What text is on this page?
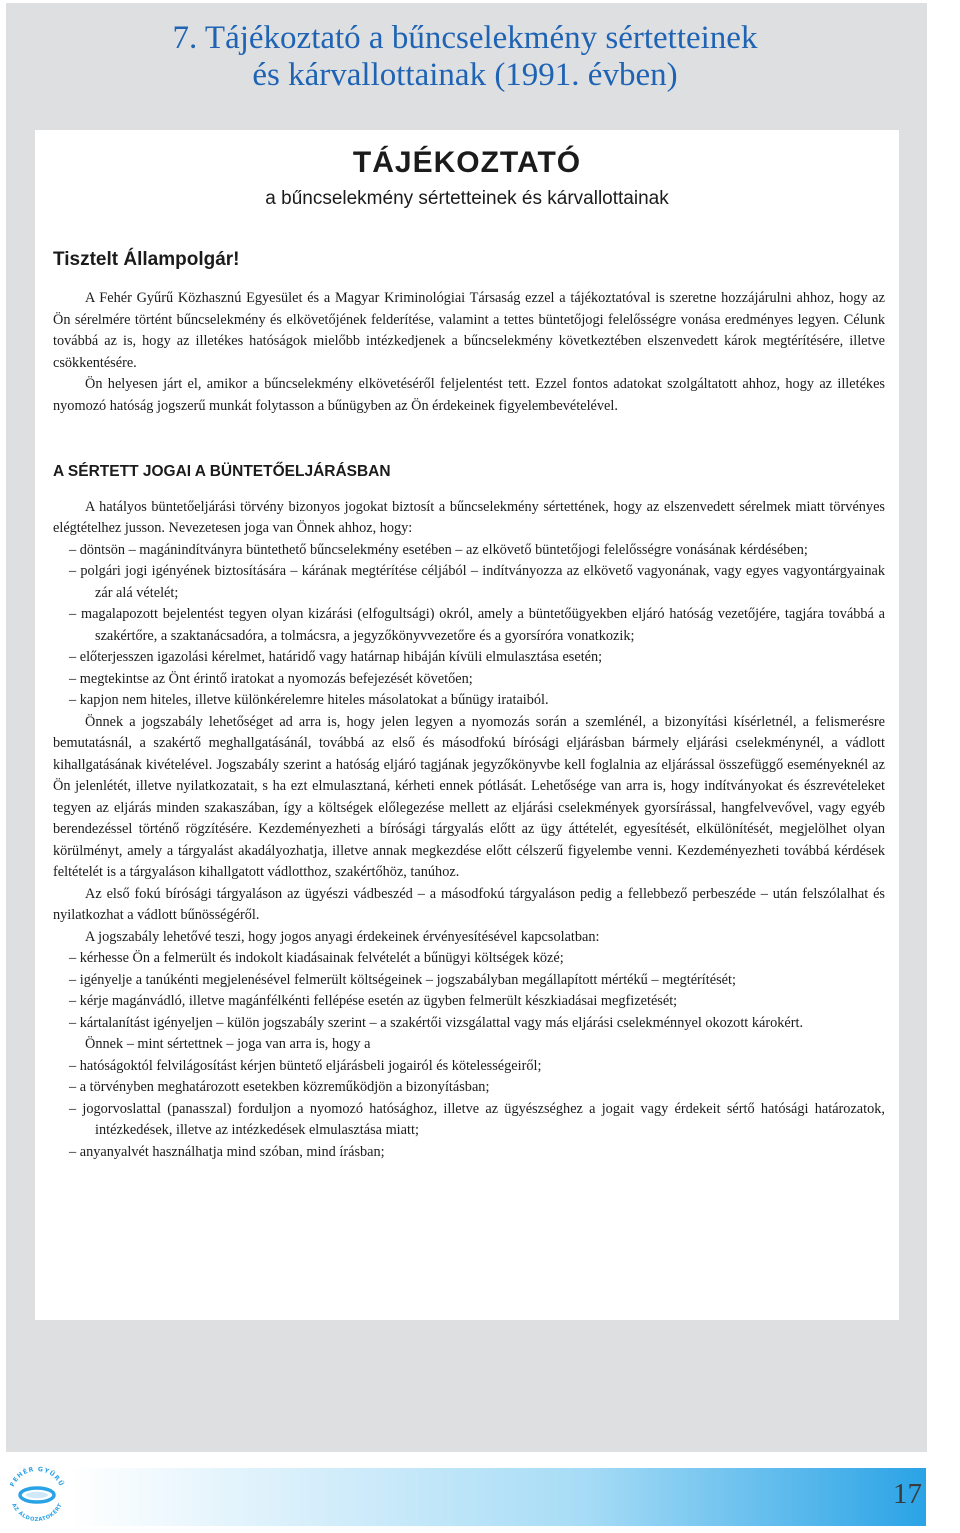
7. Tájékoztató a bűncselekmény sértetteinek
és kárvallottainak (1991. évben)
TÁJÉKOZTATÓ
a bűncselekmény sértetteinek és kárvallottainak
Tisztelt Állampolgár!

A Fehér Gyűrű Közhasznú Egyesület és a Magyar Kriminológiai Társaság ezzel a tájékoztatóval is szeretne hozzájárulni ahhoz, hogy az Ön sérelmére történt bűncselekmény és elkövetőjének felderítése, valamint a tettes büntetőjogi felelősségre vonása eredményes legyen. Célunk továbbá az is, hogy az illetékes hatóságok mielőbb intézkedjenek a bűncselekmény következtében elszenvedett károk megtérítésére, illetve csökkentésére.

Ön helyesen járt el, amikor a bűncselekmény elkövetéséről feljelentést tett. Ezzel fontos adatokat szolgáltatott ahhoz, hogy az illetékes nyomozó hatóság jogszerű munkát folytasson a bűnügyben az Ön érdekeinek figyelembevételével.

A SÉRTETT JOGAI A BÜNTETŐELJÁRÁSBAN

A hatályos büntetőeljárási törvény bizonyos jogokat biztosít a bűncselekmény sértettének, hogy az elszenvedett sérelmek miatt törvényes elégtételhez jusson. Nevezetesen joga van Önnek ahhoz, hogy:

– döntsön – magánindítványra büntethető bűncselekmény esetében – az elkövető büntetőjogi felelősségre vonásának kérdésében;

– polgári jogi igényének biztosítására – kárának megtérítése céljából – indítványozza az elkövető vagyonának, vagy egyes vagyontárgyainak zár alá vételét;

– magalapozott bejelentést tegyen olyan kizárási (elfogultsági) okról, amely a büntetőügyekben eljáró hatóság vezetőjére, tagjára továbbá a szakértőre, a szaktanácsadóra, a tolmácsra, a jegyzőkönyvvezetőre és a gyorsíróra vonatkozik;

– előterjesszen igazolási kérelmet, határidő vagy határnap hibáján kívüli elmulasztása esetén;

– megtekintse az Önt érintő iratokat a nyomozás befejezését követően;

– kapjon nem hiteles, illetve különkérelemre hiteles másolatokat a bűnügy irataiból.

Önnek a jogszabály lehetőséget ad arra is, hogy jelen legyen a nyomozás során a szemlénél, a bizonyítási kísérletnél, a felismerésre bemutatásnál, a szakértő meghallgatásánál, továbbá az első és másodfokú bírósági eljárásban bármely eljárási cselekménynél, a vádlott kihallgatásának kivételével. Jogszabály szerint a hatóság eljáró tagjának jegyzőkönyvbe kell foglalnia az eljárással összefüggő eseményeknél az Ön jelenlétét, illetve nyilatkozatait, s ha ezt elmulasztaná, kérheti ennek pótlását. Lehetősége van arra is, hogy indítványokat és észrevételeket tegyen az eljárás minden szakaszában, így a költségek előlegezése mellett az eljárási cselekmények gyorsírással, hangfelvevővel, vagy egyéb berendezéssel történő rögzítésére. Kezdeményezheti a bírósági tárgyalás előtt az ügy áttételét, egyesítését, elkülönítését, megjelölhet olyan körülményt, amely a tárgyalást akadályozhatja, illetve annak megkezdése előtt célszerű figyelembe venni. Kezdeményezheti továbbá kérdések feltételét is a tárgyaláson kihallgatott vádlotthoz, szakértőhöz, tanúhoz.

Az első fokú bírósági tárgyaláson az ügyészi vádbeszéd – a másodfokú tárgyaláson pedig a fellebbező perbeszéde – után felszólalhat és nyilatkozhat a vádlott bűnösségéről.

A jogszabály lehetővé teszi, hogy jogos anyagi érdekeinek érvényesítésével kapcsolatban:

– kérhesse Ön a felmerült és indokolt kiadásainak felvételét a bűnügyi költségek közé;

– igényelje a tanúkénti megjelenésével felmerült költségeinek – jogszabályban megállapított mértékű – megtérítését;

– kérje magánvádló, illetve magánfélkénti fellépése esetén az ügyben felmerült készkiadásai megfizetését;

– kártalanítást igényeljen – külön jogszabály szerint – a szakértői vizsgálattal vagy más eljárási cselekménnyel okozott károkért.

Önnek – mint sértettnek – joga van arra is, hogy a

– hatóságoktól felvilágosítást kérjen büntető eljárásbeli jogairól és kötelességeiről;

– a törvényben meghatározott esetekben közreműködjön a bizonyításban;

– jogorvoslattal (panasszal) forduljon a nyomozó hatósághoz, illetve az ügyészséghez a jogait vagy érdekeit sértő hatósági határozatok, intézkedések, illetve az intézkedések elmulasztása miatt;

– anyanyalvét használhatja mind szóban, mind írásban;

FEHÉR GYŰRŰ
AZ ÁLDOZATOKÉRT	17
